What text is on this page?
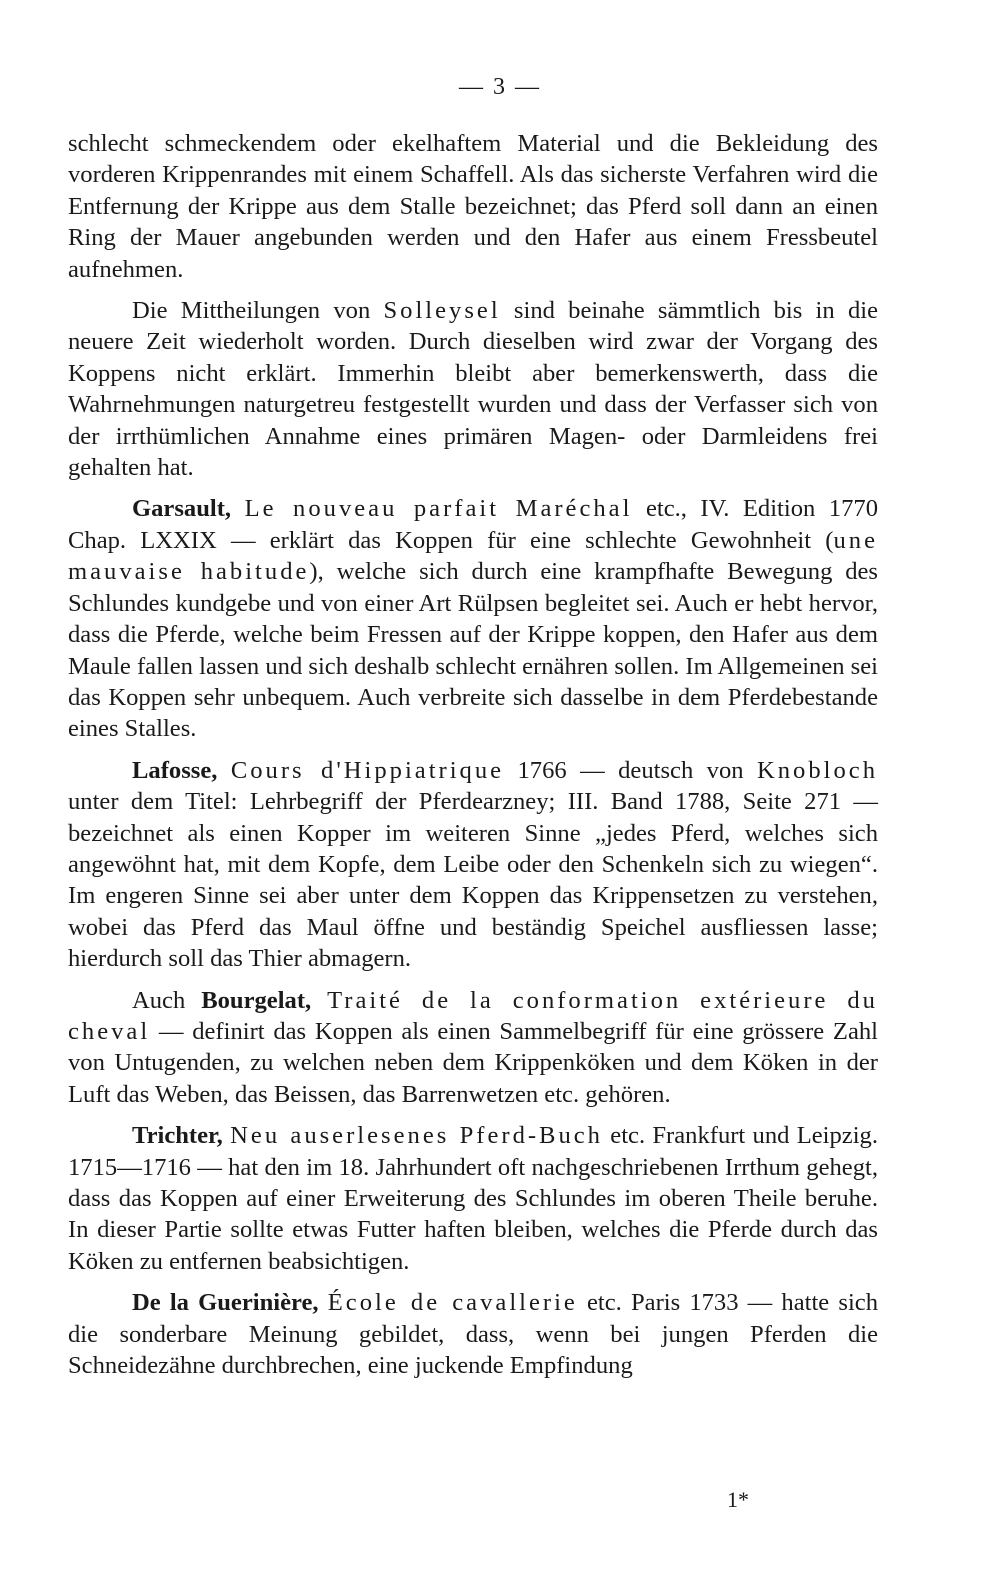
— 3 —

schlecht schmeckendem oder ekelhaftem Material und die Bekleidung des vorderen Krippenrandes mit einem Schaffell. Als das sicherste Verfahren wird die Entfernung der Krippe aus dem Stalle bezeichnet; das Pferd soll dann an einen Ring der Mauer angebunden werden und den Hafer aus einem Fressbeutel aufnehmen.

Die Mittheilungen von Solleysel sind beinahe sämmtlich bis in die neuere Zeit wiederholt worden. Durch dieselben wird zwar der Vorgang des Koppens nicht erklärt. Immerhin bleibt aber bemerkenswerth, dass die Wahrnehmungen naturgetreu festgestellt wurden und dass der Verfasser sich von der irrthümlichen Annahme eines primären Magen- oder Darmleidens frei gehalten hat.

Garsault, Le nouveau parfait Maréchal etc., IV. Edition 1770 Chap. LXXIX — erklärt das Koppen für eine schlechte Gewohnheit (une mauvaise habitude), welche sich durch eine krampfhafte Bewegung des Schlundes kundgebe und von einer Art Rülpsen begleitet sei. Auch er hebt hervor, dass die Pferde, welche beim Fressen auf der Krippe koppen, den Hafer aus dem Maule fallen lassen und sich deshalb schlecht ernähren sollen. Im Allgemeinen sei das Koppen sehr unbequem. Auch verbreite sich dasselbe in dem Pferdebestande eines Stalles.

Lafosse, Cours d'Hippiatrique 1766 — deutsch von Knobloch unter dem Titel: Lehrbegriff der Pferdearzney; III. Band 1788, Seite 271 — bezeichnet als einen Kopper im weiteren Sinne „jedes Pferd, welches sich angewöhnt hat, mit dem Kopfe, dem Leibe oder den Schenkeln sich zu wiegen“. Im engeren Sinne sei aber unter dem Koppen das Krippensetzen zu verstehen, wobei das Pferd das Maul öffne und beständig Speichel ausfliessen lasse; hierdurch soll das Thier abmagern.

Auch Bourgelat, Traité de la conformation extérieure du cheval — definirt das Koppen als einen Sammelbegriff für eine grössere Zahl von Untugenden, zu welchen neben dem Krippenköken und dem Köken in der Luft das Weben, das Beissen, das Barrenwetzen etc. gehören.

Trichter, Neu auserlesenes Pferd-Buch etc. Frankfurt und Leipzig. 1715—1716 — hat den im 18. Jahrhundert oft nachgeschriebenen Irrthum gehegt, dass das Koppen auf einer Erweiterung des Schlundes im oberen Theile beruhe. In dieser Partie sollte etwas Futter haften bleiben, welches die Pferde durch das Köken zu entfernen beabsichtigen.

De la Guerinière, École de cavallerie etc. Paris 1733 — hatte sich die sonderbare Meinung gebildet, dass, wenn bei jungen Pferden die Schneidezähne durchbrechen, eine juckende Empfindung

1*
